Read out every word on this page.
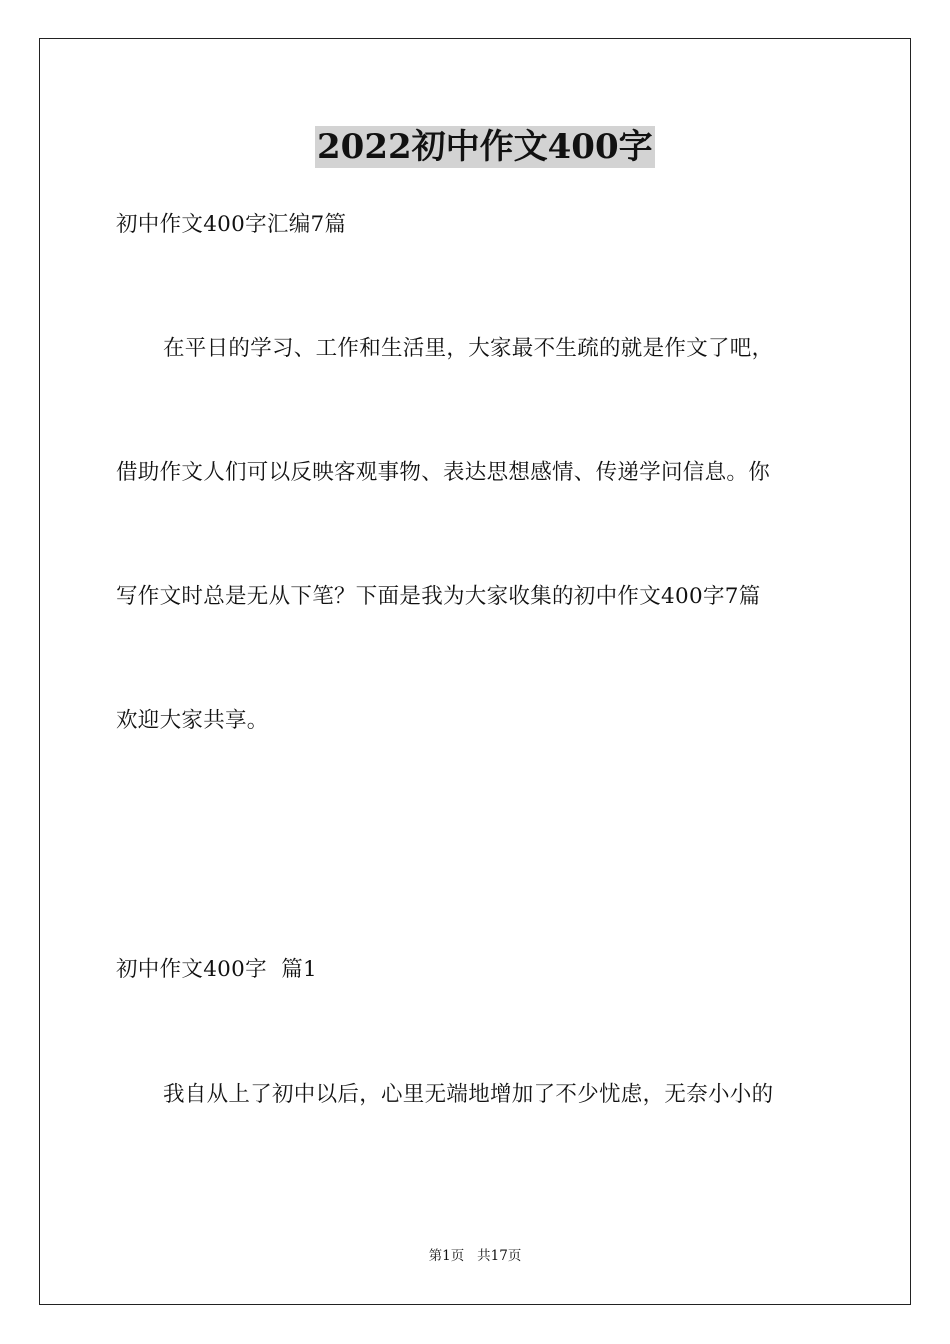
2022初中作文400字
初中作文400字汇编7篇
在平日的学习、工作和生活里，大家最不生疏的就是作文了吧，
借助作文人们可以反映客观事物、表达思想感情、传递学问信息。你
写作文时总是无从下笔？下面是我为大家收集的初中作文400字7篇
欢迎大家共享。
初中作文400字  篇1
我自从上了初中以后，心里无端地增加了不少忧虑，无奈小小的
第1页   共17页
